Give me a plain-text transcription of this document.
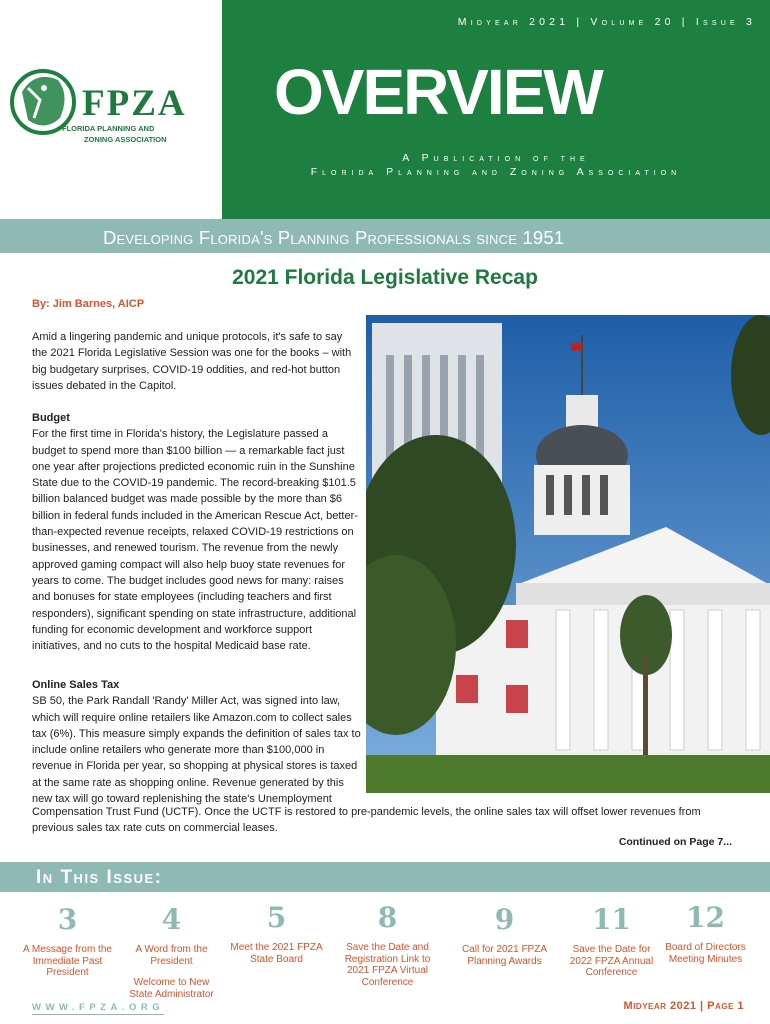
FPZA
FLORIDA PLANNING AND
ZONING ASSOCIATION
Midyear 2021 | Volume 20 | Issue 3
OVERVIEW
A Publication of the
Florida Planning and Zoning Association
Developing Florida's Planning Professionals since 1951
2021 Florida Legislative Recap
By: Jim Barnes, AICP

Amid a lingering pandemic and unique protocols, it's safe to say the 2021 Florida Legislative Session was one for the books – with big budgetary surprises, COVID-19 oddities, and red-hot button issues debated in the Capitol.

Budget

For the first time in Florida's history, the Legislature passed a budget to spend more than $100 billion — a remarkable fact just one year after projections predicted economic ruin in the Sunshine State due to the COVID-19 pandemic. The record-breaking $101.5 billion balanced budget was made possible by the more than $6 billion in federal funds included in the American Rescue Act, better-than-expected revenue receipts, relaxed COVID-19 restrictions on businesses, and renewed tourism. The revenue from the newly approved gaming compact will also help buoy state revenues for years to come. The budget includes good news for many: raises and bonuses for state employees (including teachers and first responders), significant spending on state infrastructure, additional funding for economic development and workforce support initiatives, and no cuts to the hospital Medicaid base rate.

Online Sales Tax

SB 50, the Park Randall 'Randy' Miller Act, was signed into law, which will require online retailers like Amazon.com to collect sales tax (6%). This measure simply expands the definition of sales tax to include online retailers who generate more than $100,000 in revenue in Florida per year, so shopping at physical stores is taxed at the same rate as shopping online. Revenue generated by this new tax will go toward replenishing the state's Unemployment

Compensation Trust Fund (UCTF). Once the UCTF is restored to pre-pandemic levels, the online sales tax will offset lower revenues from previous sales tax rate cuts on commercial leases.

Continued on Page 7...
In This Issue:
3
A Message from the Immediate Past President
4
A Word from the President
Welcome to New State Administrator
5
Meet the 2021 FPZA State Board
8
Save the Date and Registration Link to 2021 FPZA Virtual Conference
9
Call for 2021 FPZA Planning Awards
11
Save the Date for 2022 FPZA Annual Conference
12
Board of Directors Meeting Minutes
WWW.FPZA.ORG	Midyear 2021 | Page 1
